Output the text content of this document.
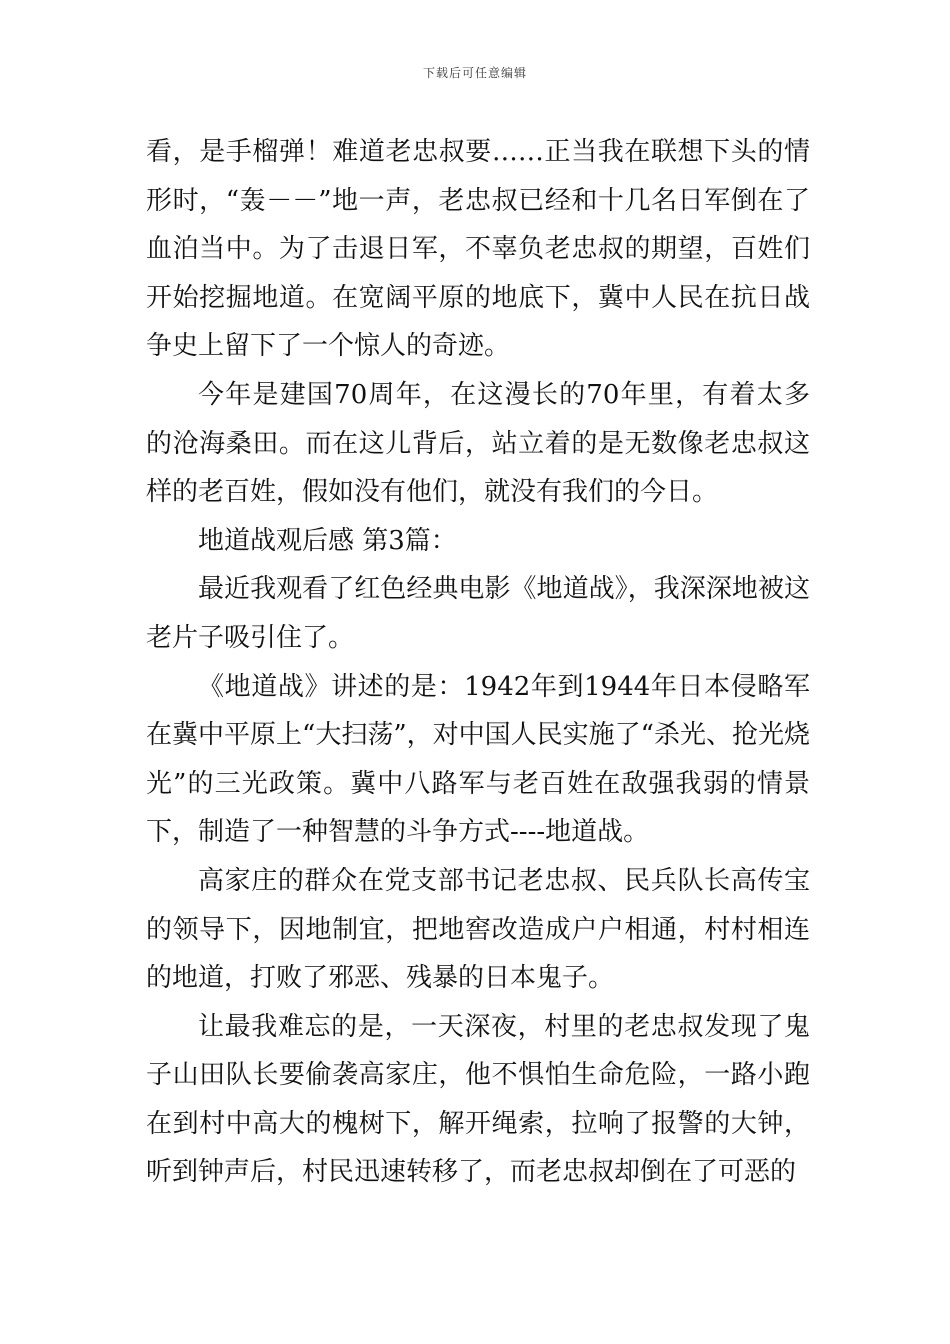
下载后可任意编辑

看，是手榴弹！难道老忠叔要……正当我在联想下头的情形时，“轰－－”地一声，老忠叔已经和十几名日军倒在了血泊当中。为了击退日军，不辜负老忠叔的期望，百姓们开始挖掘地道。在宽阔平原的地底下，冀中人民在抗日战争史上留下了一个惊人的奇迹。

今年是建国70周年，在这漫长的70年里，有着太多的沧海桑田。而在这儿背后，站立着的是无数像老忠叔这样的老百姓，假如没有他们，就没有我们的今日。

地道战观后感 第3篇：

最近我观看了红色经典电影《地道战》，我深深地被这老片子吸引住了。

《地道战》讲述的是：1942年到1944年日本侵略军在冀中平原上“大扫荡”，对中国人民实施了“杀光、抢光烧光”的三光政策。冀中八路军与老百姓在敌强我弱的情景下，制造了一种智慧的斗争方式----地道战。

高家庄的群众在党支部书记老忠叔、民兵队长高传宝的领导下，因地制宜，把地窖改造成户户相通，村村相连的地道，打败了邪恶、残暴的日本鬼子。

让最我难忘的是，一天深夜，村里的老忠叔发现了鬼子山田队长要偷袭高家庄，他不惧怕生命危险，一路小跑在到村中高大的槐树下，解开绳索，拉响了报警的大钟，听到钟声后，村民迅速转移了，而老忠叔却倒在了可恶的
